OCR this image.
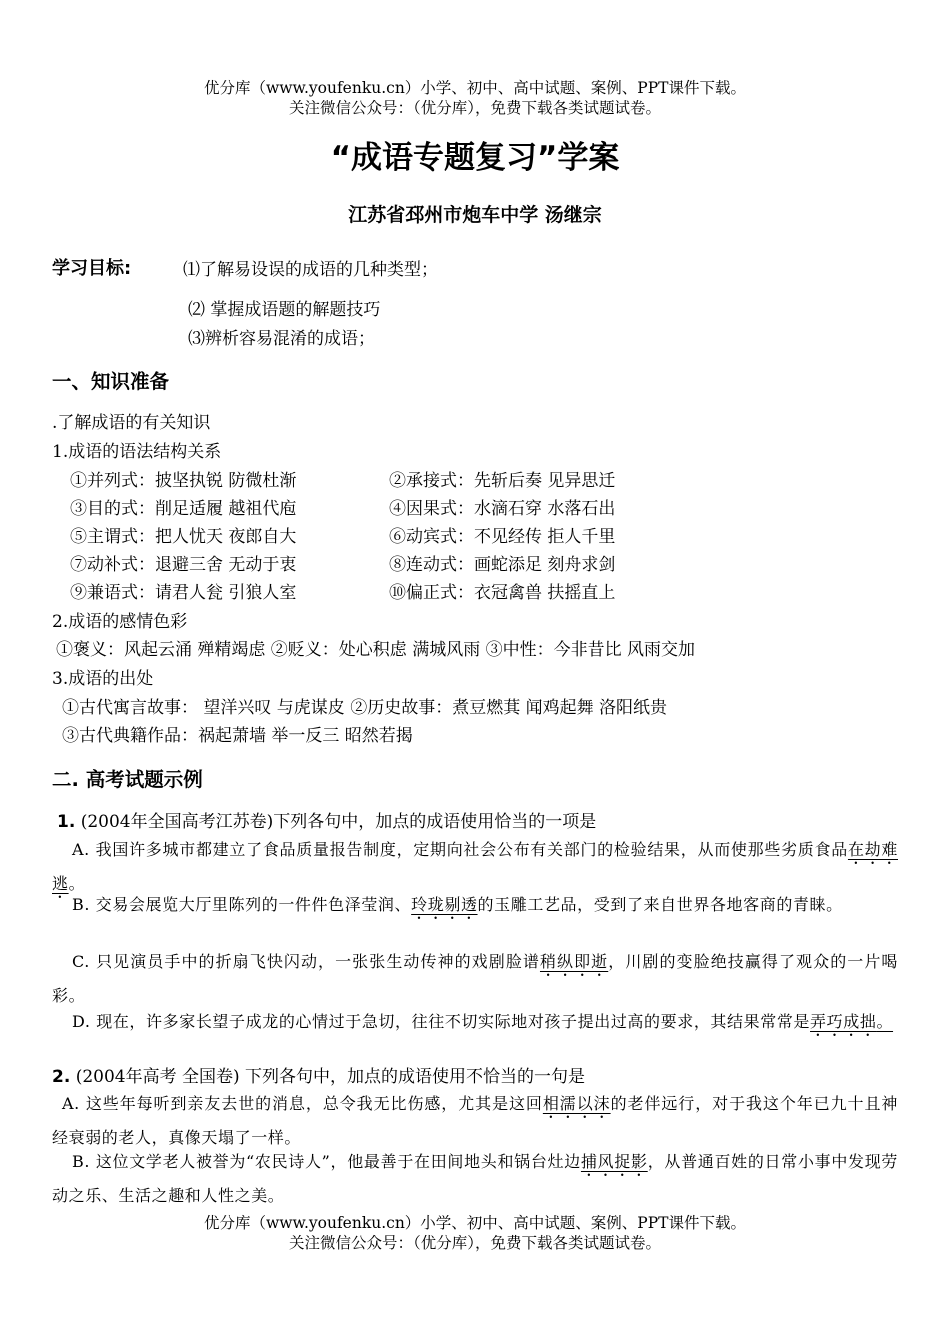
优分库（www.youfenku.cn）小学、初中、高中试题、案例、PPT课件下载。
关注微信公众号：（优分库），免费下载各类试题试卷。
“成语专题复习”学案
江苏省邳州市炮车中学 汤继宗
学习目标:	⑴了解易设误的成语的几种类型；
⑵ 掌握成语题的解题技巧
⑶辨析容易混淆的成语；
一、知识准备
.了解成语的有关知识
1.成语的语法结构关系
①并列式：披坚执锐 防微杜渐	②承接式：先斩后奏 见异思迁
③目的式：削足适履 越祖代庖	④因果式：水滴石穿 水落石出
⑤主谓式：把人忧天 夜郎自大	⑥动宾式：不见经传 拒人千里
⑦动补式：退避三舍 无动于衷	⑧连动式：画蛇添足 刻舟求剑
⑨兼语式：请君人瓮 引狼人室	⑩偏正式：衣冠禽兽 扶摇直上
2.成语的感情色彩
①褒义：风起云涌 殚精竭虑 ②贬义：处心积虑 满城风雨 ③中性：今非昔比 风雨交加
3.成语的出处
①古代寓言故事： 望洋兴叹 与虎谋皮 ②历史故事：煮豆燃萁 闻鸡起舞 洛阳纸贵
③古代典籍作品：祸起萧墙 举一反三 昭然若揭
二. 高考试题示例
1. (2004年全国高考江苏卷)下列各句中，加点的成语使用恰当的一项是
A. 我国许多城市都建立了食品质量报告制度，定期向社会公布有关部门的检验结果，从而使那些劣质食品在劫难逃。
B. 交易会展览大厅里陈列的一件件色泽莹润、玲珑剔透的玉雕工艺品，受到了来自世界各地客商的青睐。
C. 只见演员手中的折扇飞快闪动，一张张生动传神的戏剧脸谱稍纵即逝，川剧的变脸绝技赢得了观众的一片喝彩。
D. 现在，许多家长望子成龙的心情过于急切，往往不切实际地对孩子提出过高的要求，其结果常常是弄巧成拙。
2. (2004年高考 全国卷) 下列各句中，加点的成语使用不恰当的一句是
A. 这些年每听到亲友去世的消息，总令我无比伤感，尤其是这回相濡以沫的老伴远行，对于我这个年已九十且神经衰弱的老人，真像天塌了一样。
B. 这位文学老人被誉为“农民诗人”，他最善于在田间地头和锅台灶边捕风捉影，从普通百姓的日常小事中发现劳动之乐、生活之趣和人性之美。
优分库（www.youfenku.cn）小学、初中、高中试题、案例、PPT课件下载。
关注微信公众号：（优分库），免费下载各类试题试卷。
